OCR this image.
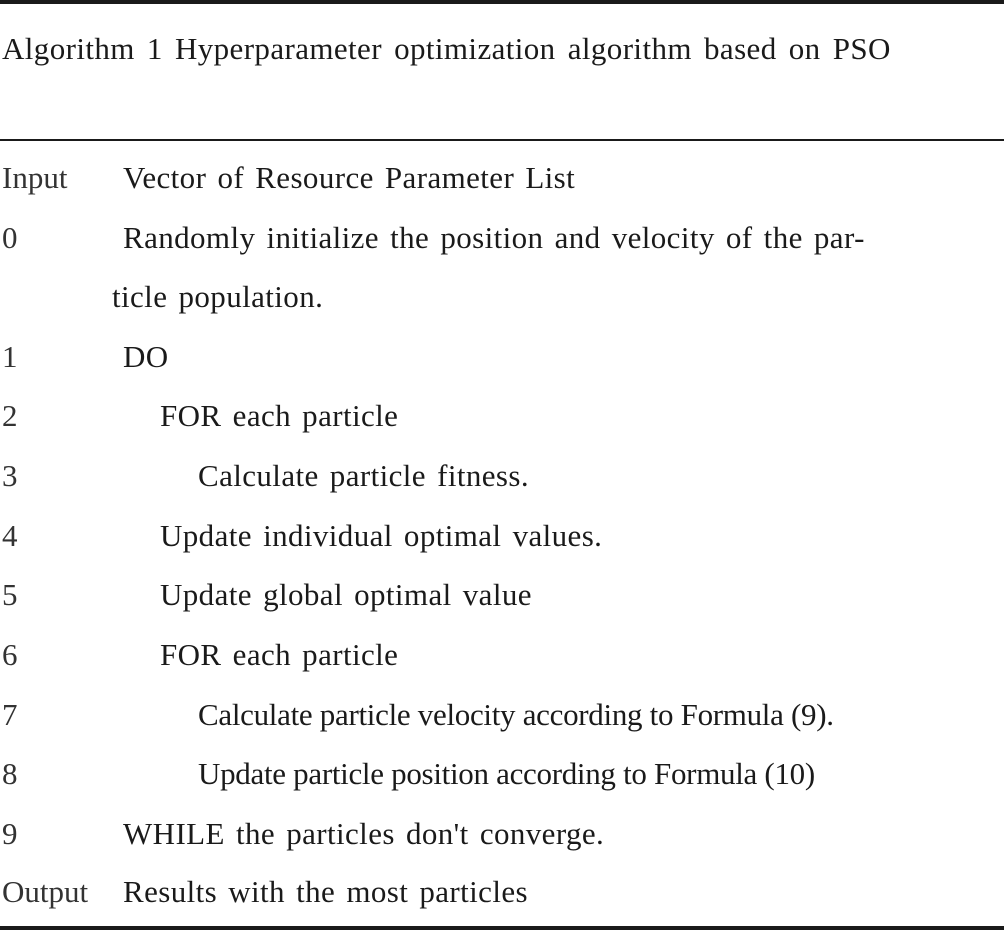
Algorithm 1 Hyperparameter optimization algorithm based on PSO

Input Vector of Resource Parameter List
0	Randomly initialize the position and velocity of the par-
ticle population.
1	DO
2	FOR each particle
3	Calculate particle fitness.
4	Update individual optimal values.
5	Update global optimal value
6	FOR each particle
7	Calculate particle velocity according to Formula (9).
8	Update particle position according to Formula (10)
9	WHILE the particles don't converge.
Output Results with the most particles
